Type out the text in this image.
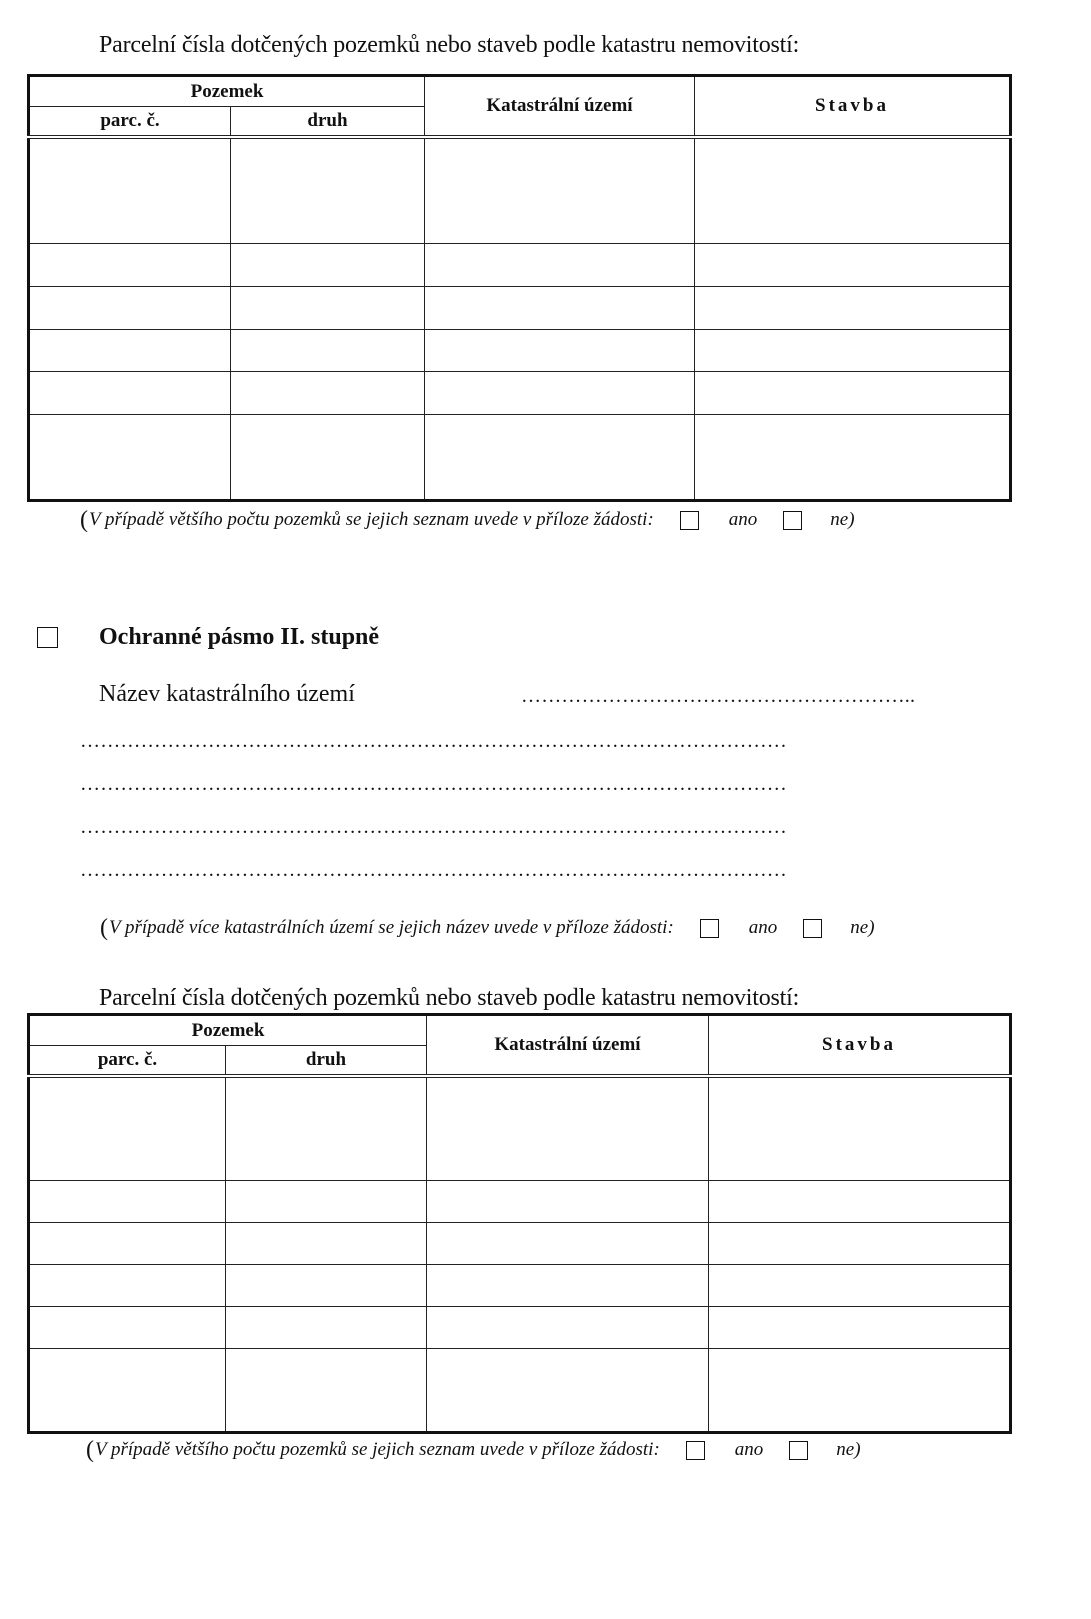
Parcelní čísla dotčených pozemků nebo staveb podle katastru nemovitostí:
Pozemek		Katastrální území	Stavba
parc. č.	druh		

( V případě většího počtu pozemků se jejich seznam uvede v příloze žádosti:	ano	ne)
Ochranné pásmo II. stupně
Název katastrálního území	…………………………………………………..
……………………………………………………………………………………………
……………………………………………………………………………………………
……………………………………………………………………………………………
……………………………………………………………………………………………
( V případě více katastrálních území se jejich název uvede v příloze žádosti:	ano	ne)
Parcelní čísla dotčených pozemků nebo staveb podle katastru nemovitostí:
Pozemek		Katastrální území	Stavba
parc. č.	druh		

( V případě většího počtu pozemků se jejich seznam uvede v příloze žádosti:	ano	ne)
